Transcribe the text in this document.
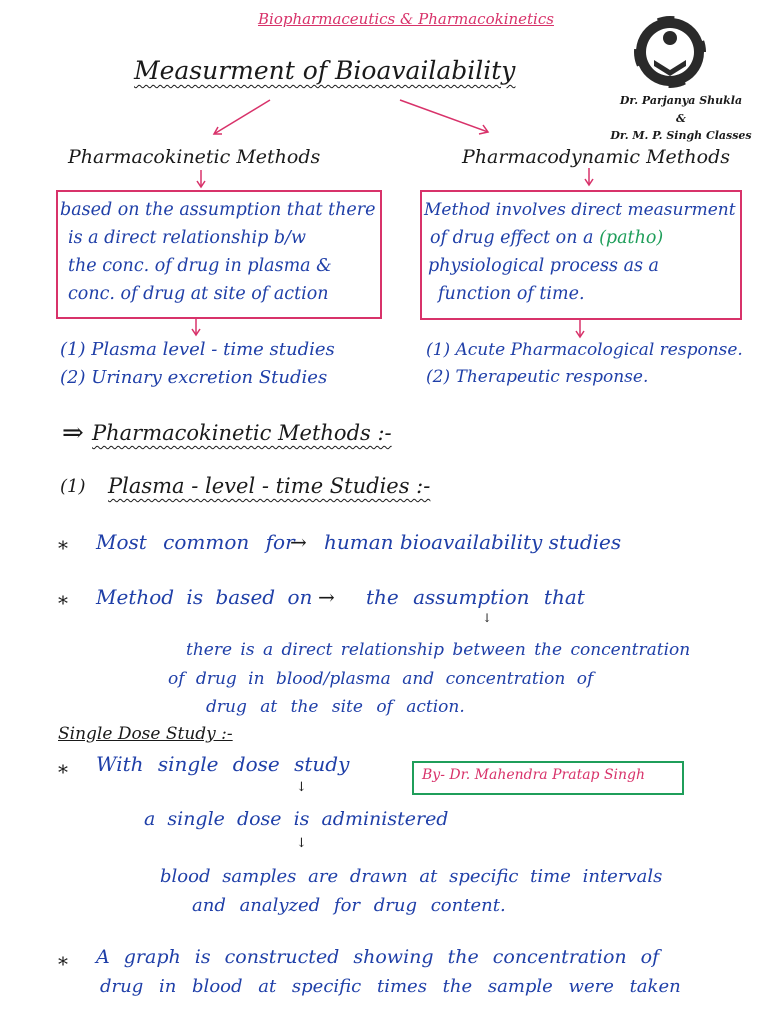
Biopharmaceutics & Pharmacokinetics
Dr. Parjanya Shukla
&
Dr. M. P. Singh Classes
Measurment of Bioavailability
Pharmacokinetic Methods	Pharmacodynamic Methods
based on the assumption that there
is a direct relationship b/w
the conc. of drug in plasma &
conc. of drug at site of action
Method involves direct measurment
of drug effect on a (patho)
physiological process as a
function of time.
(1) Plasma level - time studies
(2) Urinary excretion Studies
(1) Acute Pharmacological response.
(2) Therapeutic response.
⇒ Pharmacokinetic Methods :-
(1) Plasma - level - time Studies :-
* Most common for
→ human bioavailability studies
* Method is based on → the assumption that
↓
there is a direct relationship between the concentration
of drug in blood/plasma and concentration of
drug at the site of action.
Single Dose Study :-
* With single dose study
↓
a single dose is administered
↓
blood samples are drawn at specific time intervals
and analyzed for drug content.
By- Dr. Mahendra Pratap Singh
* A graph is constructed showing the concentration of
drug in blood at specific times the sample were taken
